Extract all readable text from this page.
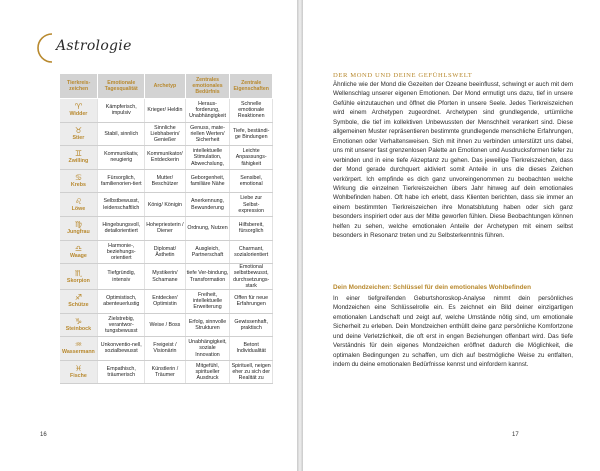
Astrologie
Tierkreis-zeichen	Emotionale Tagesqualität	Archetyp	Zentrales emotionales Bedürfnis	Zentrale Eigenschaften

♈
Widder	Kämpferisch, impulsiv	Krieger/ Heldin	Heraus-forderung, Unabhängigkeit	Schnelle emotionale Reaktionen

♉
Stier	Stabil, sinnlich	Sinnliche Liebhaberin/ Genießer	Genuss, mate-riellen Werten/ Sicherheit	Tiefe, beständi-ge Bindungen

♊
Zwilling	Kommunikativ, neugierig	Kommunikator/ Entdeckerin	intellektuelle Stimulation, Abwechslung,	Leichte Anpassungs-fähigkeit

♋
Krebs	Fürsorglich, familienorien-tiert	Mutter/ Beschützer	Geborgenheit, familiäre Nähe	Sensibel, emotional

♌
Löwe	Selbstbewusst, leidenschaftlich	König/ Königin	Anerkennung, Bewunderung	Liebe zur Selbst-expression

♍
Jungfrau	Hingebungsvoll, detailorientiert	Hohepriesterin / Diener	Ordnung, Nutzen	Hilfsbereit, fürsorglich

♎
Waage	Harmonie-, beziehungs-orientiert	Diplomat/ Ästhetin	Ausgleich, Partnerschaft	Charmant, sozialorientiert

♏
Skorpion	Tiefgründig, intensiv	Mystikerin/ Schamane	tiefe Ver-bindung, Transformation	Emotional selbstbewusst, durchsetzungs-stark

♐
Schütze	Optimistisch, abenteuerlustig	Entdecker/ Optimistin	Freiheit, intellektuelle Erweiterung	Offen für neue Erfahrungen

♑
Steinbock	Zielstrebig, verantwor-tungsbewusst	Weise / Boss	Erfolg, sinnvolle Strukturen	Gewissenhaft, praktisch

♒
Wassermann	Unkonventio-nell, sozialbewusst	Freigeist / Visionärin	Unabhängigkeit, soziale Innovation	Betont Individualität

♓
Fische	Empathisch, träumerisch	Künstlerin / Träumer	Mitgefühl, spiritueller Ausdruck	Spirituell, neigen eher zu sich der Realität zu
16
DER MOND UND DEINE GEFÜHLSWELT

Ähnliche wie der Mond die Gezeiten der Ozeane beeinflusst, schwingt er auch mit dem Wellenschlag unserer eigenen Emotionen. Der Mond ermutigt uns dazu, tief in unsere Gefühle einzutauchen und öffnet die Pforten in unsere Seele. Jedes Tierkreiszeichen wird einem Archetypen zugeordnet. Archetypen sind grundlegende, urtümliche Symbole, die tief im kollektiven Unbewussten der Menschheit verankert sind. Diese allgemeinen Muster repräsentieren bestimmte grundlegende menschliche Erfahrungen, Emotionen oder Verhaltensweisen. Sich mit ihnen zu verbinden unterstützt uns dabei, uns mit unserer fast grenzenlosen Palette an Emotionen und Ausdrucksformen tiefer zu verbinden und in eine tiefe Akzeptanz zu gehen. Das jeweilige Tierkreiszeichen, dass der Mond gerade durchquert aktiviert somit Anteile in uns die dieses Zeichen verkörpert. Ich empfinde es dich ganz unvoreingenommen zu beobachten welche Wirkung die einzelnen Tierkreiszeichen übers Jahr hinweg auf dein emotionales Wohlbefinden haben. Oft habe ich erlebt, dass Klienten berichten, dass sie immer an einem bestimmten Tierkreiszeichen ihre Monatsblutung haben oder sich ganz besonders inspiriert oder aus der Mitte geworfen fühlen. Diese Beobachtungen können helfen zu sehen, welche emotionalen Anteile der Archetypen mit einem selbst besonders in Resonanz treten und zu Selbsterkenntnis führen.

Dein Mondzeichen: Schlüssel für dein emotionales Wohlbefinden

In einer tiefgreifenden Geburtshoroskop-Analyse nimmt dein persönliches Mondzeichen eine Schlüsselrolle ein. Es zeichnet ein Bild deiner einzigartigen emotionalen Landschaft und zeigt auf, welche Umstände nötig sind, um emotionale Sicherheit zu erleben. Dein Mondzeichen enthüllt deine ganz persönliche Komfortzone und deine Verletzlichkeit, die oft erst in engen Beziehungen offenbart wird. Das tiefe Verständnis für dein eigenes Mondzeichen eröffnet dadurch die Möglichkeit, die optimalen Bedingungen zu schaffen, um dich auf bestmögliche Weise zu entfalten, indem du deine emotionalen Bedürfnisse kennst und einfordern kannst.

17
